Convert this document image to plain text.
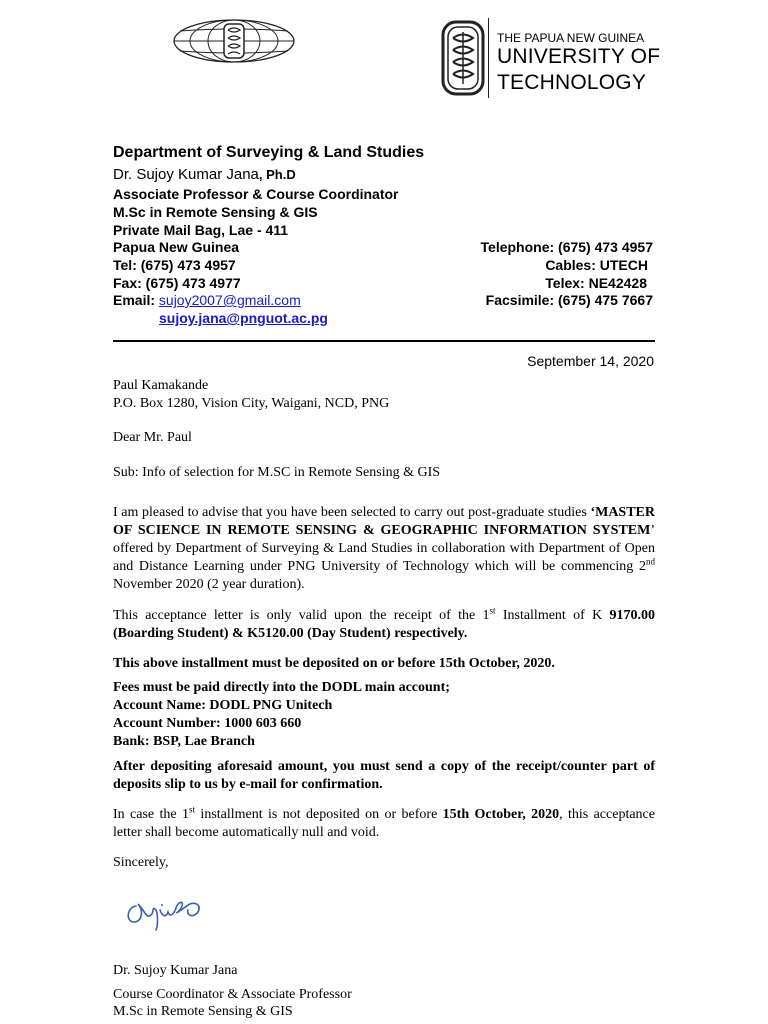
THE PAPUA NEW GUINEA
UNIVERSITY OF
TECHNOLOGY
Department of Surveying & Land Studies
Dr. Sujoy Kumar Jana, Ph.D
Associate Professor & Course Coordinator
M.Sc in Remote Sensing & GIS
Private Mail Bag, Lae - 411
Papua New Guinea
Tel: (675) 473 4957
Fax: (675) 473 4977
Email: sujoy2007@gmail.com
sujoy.jana@pnguot.ac.pg
Telephone: (675) 473 4957
Cables: UTECH
Telex: NE42428
Facsimile: (675) 475 7667
September 14, 2020
Paul Kamakande
P.O. Box 1280, Vision City, Waigani, NCD, PNG
Dear Mr. Paul
Sub: Info of selection for M.SC in Remote Sensing & GIS
I am pleased to advise that you have been selected to carry out post-graduate studies ‘MASTER OF SCIENCE IN REMOTE SENSING & GEOGRAPHIC INFORMATION SYSTEM’ offered by Department of Surveying & Land Studies in collaboration with Department of Open and Distance Learning under PNG University of Technology which will be commencing 2nd November 2020 (2 year duration).
This acceptance letter is only valid upon the receipt of the 1st Installment of K 9170.00 (Boarding Student) & K5120.00 (Day Student) respectively.
This above installment must be deposited on or before 15th October, 2020.
Fees must be paid directly into the DODL main account;
Account Name: DODL PNG Unitech
Account Number: 1000 603 660
Bank: BSP, Lae Branch
After depositing aforesaid amount, you must send a copy of the receipt/counter part of deposits slip to us by e-mail for confirmation.
In case the 1st installment is not deposited on or before 15th October, 2020, this acceptance letter shall become automatically null and void.
Sincerely,
Dr. Sujoy Kumar Jana
Course Coordinator & Associate Professor
M.Sc in Remote Sensing & GIS
